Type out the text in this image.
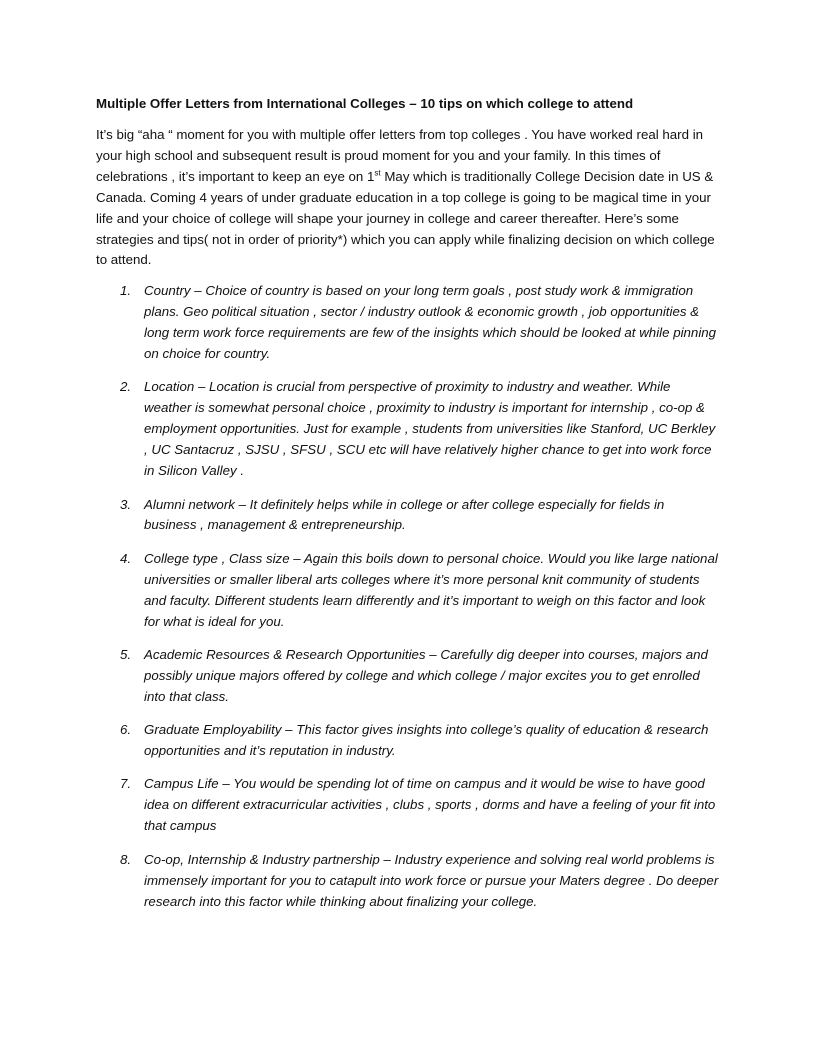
Multiple Offer Letters from International Colleges – 10 tips on which college to attend

It’s big “aha “ moment for you with multiple offer letters from top colleges . You have worked real hard in your high school and subsequent result is proud moment for you and your family. In this times of celebrations , it’s important to keep an eye on 1st May which is traditionally College Decision date in US & Canada. Coming 4 years of under graduate education in a top college is going to be magical time in your life and your choice of college will shape your journey in college and career thereafter. Here’s some strategies and tips( not in order of priority*) which you can apply while finalizing decision on which college to attend.

1. Country – Choice of country is based on your long term goals , post study work & immigration plans. Geo political situation , sector / industry outlook & economic growth , job opportunities & long term work force requirements are few of the insights which should be looked at while pinning on choice for country.
2. Location – Location is crucial from perspective of proximity to industry and weather. While weather is somewhat personal choice , proximity to industry is important for internship , co-op & employment opportunities. Just for example , students from universities like Stanford, UC Berkley , UC Santacruz , SJSU , SFSU , SCU etc will have relatively higher chance to get into work force in Silicon Valley .
3. Alumni network – It definitely helps while in college or after college especially for fields in business , management & entrepreneurship.
4. College type , Class size – Again this boils down to personal choice. Would you like large national universities or smaller liberal arts colleges where it’s more personal knit community of students and faculty. Different students learn differently and it’s important to weigh on this factor and look for what is ideal for you.
5. Academic Resources & Research Opportunities – Carefully dig deeper into courses, majors and possibly unique majors offered by college and which college / major excites you to get enrolled into that class.
6. Graduate Employability – This factor gives insights into college’s quality of education & research opportunities and it’s reputation in industry.
7. Campus Life – You would be spending lot of time on campus and it would be wise to have good idea on different extracurricular activities , clubs , sports , dorms and have a feeling of your fit into that campus
8. Co-op, Internship & Industry partnership – Industry experience and solving real world problems is immensely important for you to catapult into work force or pursue your Maters degree . Do deeper research into this factor while thinking about finalizing your college.
